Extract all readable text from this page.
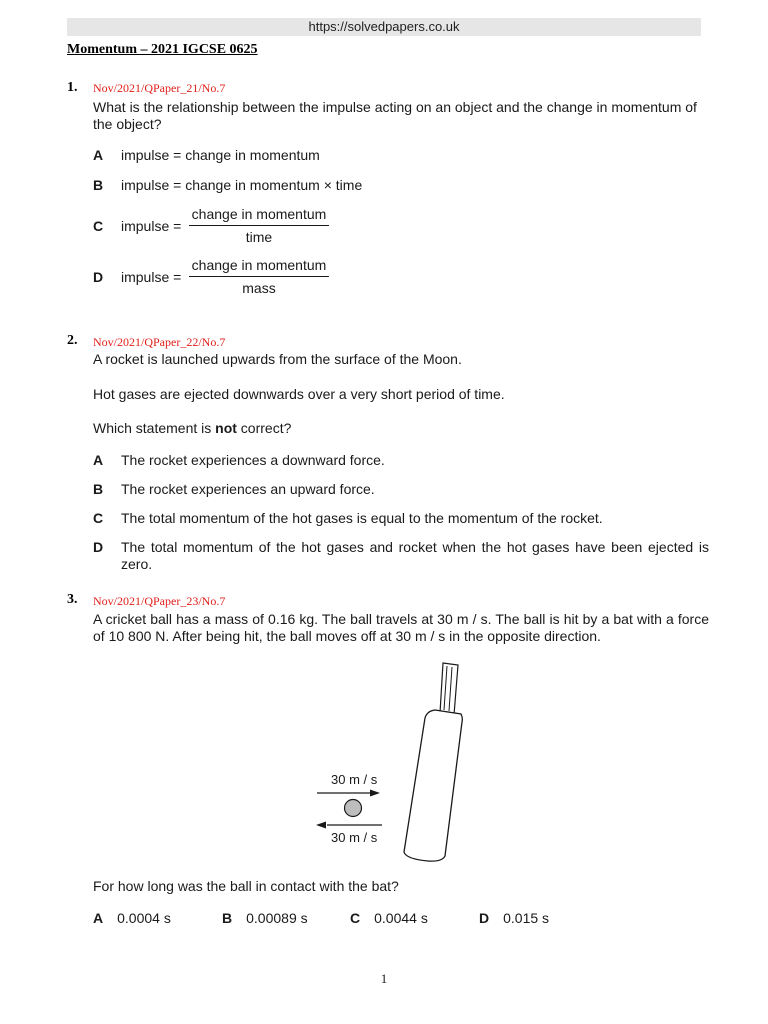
https://solvedpapers.co.uk
Momentum – 2021 IGCSE 0625
1. Nov/2021/QPaper_21/No.7
What is the relationship between the impulse acting on an object and the change in momentum of the object?
A impulse = change in momentum
B impulse = change in momentum × time
C impulse =
change in momentum
time
D impulse =
change in momentum
mass
2. Nov/2021/QPaper_22/No.7
A rocket is launched upwards from the surface of the Moon.
Hot gases are ejected downwards over a very short period of time.
Which statement is not correct?
A The rocket experiences a downward force.
B The rocket experiences an upward force.
C The total momentum of the hot gases is equal to the momentum of the rocket.
D The total momentum of the hot gases and rocket when the hot gases have been ejected is zero.
3. Nov/2021/QPaper_23/No.7
A cricket ball has a mass of 0.16 kg. The ball travels at 30 m / s. The ball is hit by a bat with a force of 10 800 N. After being hit, the ball moves off at 30 m / s in the opposite direction.
30 m / s
30 m / s
For how long was the ball in contact with the bat?
A 0.0004 s	B 0.00089 s	C 0.0044 s	D 0.015 s
1
